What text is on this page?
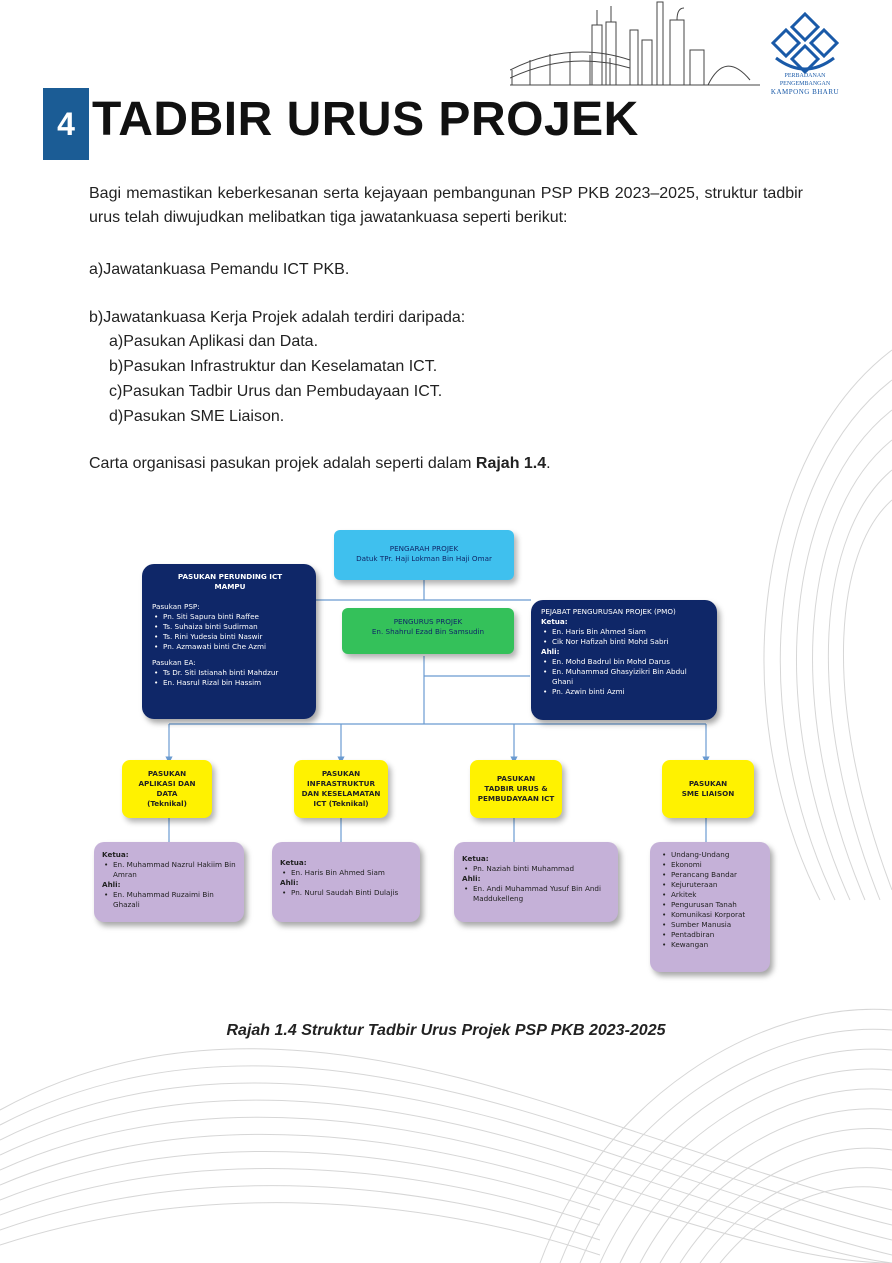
PERBADANAN PENGEMBANGAN
KAMPONG BHARU
4 TADBIR URUS PROJEK
Bagi memastikan keberkesanan serta kejayaan pembangunan PSP PKB 2023–2025, struktur tadbir urus telah diwujudkan melibatkan tiga jawatankuasa seperti berikut:
a)Jawatankuasa Pemandu ICT PKB.
b)Jawatankuasa Kerja Projek adalah terdiri daripada:
a)Pasukan Aplikasi dan Data.
b)Pasukan Infrastruktur dan Keselamatan ICT.
c)Pasukan Tadbir Urus dan Pembudayaan ICT.
d)Pasukan SME Liaison.
Carta organisasi pasukan projek adalah seperti dalam Rajah 1.4.
PENGARAH PROJEK
Datuk TPr. Haji Lokman Bin Haji Omar
PENGURUS PROJEK
En. Shahrul Ezad Bin Samsudin
PASUKAN PERUNDING ICT
MAMPU
Pasukan PSP:
• Pn. Siti Sapura binti Raffee
• Ts. Suhaiza binti Sudirman
• Ts. Rini Yudesia binti Naswir
• Pn. Azmawati binti Che Azmi
Pasukan EA:
• Ts Dr. Siti Istianah binti Mahdzur
• En. Hasrul Rizal bin Hassim
PEJABAT PENGURUSAN PROJEK (PMO)
Ketua:
• En. Haris Bin Ahmed Siam
• Cik Nor Hafizah binti Mohd Sabri
Ahli:
• En. Mohd Badrul bin Mohd Darus
• En. Muhammad Ghasyizikri Bin Abdul Ghani
• Pn. Azwin binti Azmi
PASUKAN
APLIKASI DAN
DATA
(Teknikal)
PASUKAN
INFRASTRUKTUR
DAN KESELAMATAN
ICT (Teknikal)
PASUKAN
TADBIR URUS &
PEMBUDAYAAN ICT
PASUKAN
SME LIAISON
Ketua:
• En. Muhammad Nazrul Hakiim Bin Amran
Ahli:
• En. Muhammad Ruzaimi Bin Ghazali
Ketua:
• En. Haris Bin Ahmed Siam
Ahli:
• Pn. Nurul Saudah Binti Dulajis
Ketua:
• Pn. Naziah binti Muhammad
Ahli:
• En. Andi Muhammad Yusuf Bin Andi Maddukelleng
• Undang-Undang
• Ekonomi
• Perancang Bandar
• Kejuruteraan
• Arkitek
• Pengurusan Tanah
• Komunikasi Korporat
• Sumber Manusia
• Pentadbiran
• Kewangan
Rajah 1.4 Struktur Tadbir Urus Projek PSP PKB 2023-2025
